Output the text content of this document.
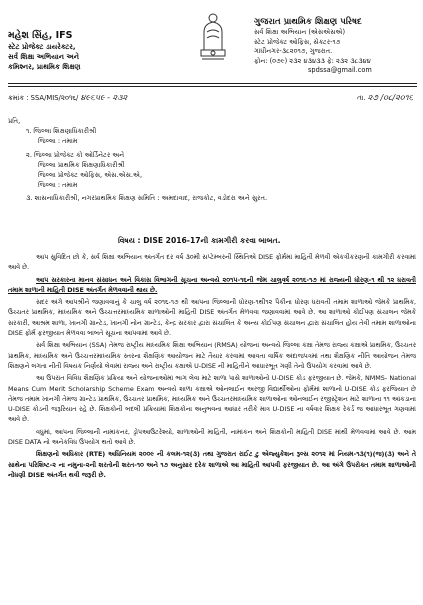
મહેશ સિંહ, IFS
સ્ટેટ પ્રોજેક્ટ ડાયરેક્ટર,
સર્વ શિક્ષા અભિયાન અને
કમિશ્નર, પ્રાથમિક શિક્ષણ
ગુજરાત પ્રાથમિક શિક્ષણ પરિષદ
સર્વ શિક્ષા અભિયાન (એસએસએ)
સ્ટેટ પ્રોજેક્ટ ઓફિસ, સેક્ટર-૧૭
ગાંધીનગર-૩૮૨૦૧૭, ગુજરાત.
ફોન: (૦૭૯) ૨૩૨ ૪૩૪૩૩ ફે: ૨૩૨ ૩૮૩૪૪
spdssa@gmail.com
ક્રમાંક : SSA/MIS/૨૦૧૬/ ૪૯૬૫૯ - ૨૩૨	તા. ૨૭ /૦૮/૨૦૧૬
પ્રતિ,
૧. જિલ્લા શિક્ષણાધિકારીશ્રી
જિલ્લા : તમામ
૨. જિલ્લા પ્રોજેક્ટ કો ઓર્ડિનેટર અને
જિલ્લા પ્રાથમિક શિક્ષણાધિકારીશ્રી
જિલ્લા પ્રોજેક્ટ ઓફિસ, એસ.એસ.એ,
જિલ્લા : તમામ
૩. શાસનાધિકારીશ્રી, નગરપ્રાથમિક શિક્ષણ સમિતિ : અમદાવાદ, રાજકોટ, વડોદરા અને સુરત.
વિષય : DISE 2016-17ની કામગીરી કરવા બાબત.

આપ સુવિદિત છો કે, સર્વ શિક્ષા અભિયાન અંતર્ગત દર વર્ષ ૩૦મી સપ્ટેમ્બરની સ્થિતિએ DISE ફોર્મમાં માહિતી મેળવી એકત્રીકરણની કામગીરી કરવામાં આવે છે.

આપ સરકારના માનવ સંસાધન અને વિકાસ વિભાગની સૂચના અન્વયે ૨૦૧૫-૧૬ની જેમ ચાલુવર્ષ ૨૦૧૬-૧૭ માં રાજ્યની ધોરણ-૧ થી ૧૨ ધરાવતી તમામ શાળાની માહિતી DISE અંતર્ગત મેળવવાની થાય છે.

સદર અંગે આપશ્રીને જણાવવાનું કે ચાલુ વર્ષ ૨૦૧૬-૧૭ થી આપના જિલ્લાની ધોરણ-૧થી૧૨ પૈકીના ધોરણ ધરાવતી તમામ શાળાઓ જેમકે પ્રાથમિક, ઉચ્ચતર પ્રાથમિક, માધ્યમિક અને ઉચ્ચત્તરમાધ્યમિક શાળાઓની માહિતી DISE અંતર્ગત મેળવવા જણાવવામાં આવે છે. આ શાળાઓ કોઈપણ સંચાલન જેમકે સરકારી, આશ્રમ શાળા, ખાનગી ગ્રાન્ટેડ, ખાનગી નોન ગ્રાન્ટેડ, કેન્દ્ર સરકાર દ્વારા સંચાલિત કે અન્ય કોઈપણ સંચાલન દ્વારા સંચાલિત હોય તેવી તમામ શાળાઓના DISE ફોર્મ ફરજીયાત મેળવવા બાબતે સૂચના આપવામાં આવે છે.

સર્વ શિક્ષા અભિયાન (SSA) તેમજ રાષ્ટ્રીય માધ્યમિક શિક્ષા અભિયાન (RMSA) યોજના અન્વયે જિલ્લા કક્ષા તેમજ રાજ્ય કક્ષાએ પ્રાથમિક, ઉચ્ચતર પ્રાથમિક, માધ્યમિક અને ઉચ્ચત્તરમાધ્યમિક સ્તરના શૈક્ષણિક આયોજન માટે તૈયાર કરવામાં આવતા વાર્ષિક અંદાજપત્રમાં તથા શૈક્ષણિક નીતિ આયોજન તેમજ શિક્ષણને લગતા નીતી વિષયક નિર્ણયો લેવામાં રાજ્ય અને રાષ્ટ્રીય કક્ષાએ U-DISE ની માહિતીને આધારભૂત ગણી તેનો ઉપયોગ કરવામાં આવે છે.

આ ઉપરાંત વિવિધ શૈક્ષણિક પ્રક્રિયા અને યોજનાઓમાં ભાગ લેવા માટે શાળા પાસે શાળાઓનો U-DISE કોડ ફરજીયાત છે. જેમકે, NMMS- National Means Cum Merit Scholarship Scheme Exam અન્વયે શાળા કક્ષાએ ઓનલાઈન અરજી વિદ્યાર્થીઓના ફોર્મમાં શાળાનો U-DISE કોડ ફરજિયાત છે તેમજ તમામ ખાનગી તેમજ ગ્રાન્ટેડ પ્રાથમિક, ઉચ્ચતર પ્રાથમિક, માધ્યમિક અને ઉચ્ચતરમાધ્યમિક શાળાઓના ઓનલાઈન રજીસ્ટ્રેશન માટે શાળાના ૧૧ આંકડાના U-DISE કોડની જરૂરિયાત રહે છે. શિક્ષકોની બદલી પ્રક્રિયામાં શિક્ષકોના અનુભવના આધાર તરીકે માત્ર U-DISE ના વર્ષવાર શિક્ષક રેકર્ડ જ આધારભૂત ગણવામાં આવે છે.

વધુમાં, આપના જિલ્લાની નામાંકનર, ડ્રોપઆઉટરેશ્યો, શાળાઓની માહિતી, નામાંકન અને શિક્ષકોની માહિતી DISE માંથી મેળવવામાં આવે છે. આમ DISE DATA નો અનેકવિધ ઉપયોગ થતો આવે છે.

શિક્ષણનો અધિકાર (RTE) અધિનિયમ ૨૦૦૯ ની કલમ-૧૨(૩) તથા ગુજરાત રાઈટ ટુ એજ્યુકેશન રૂલ્સ ૨૦૧૨ માં નિયમ-૧૩(૧)(જ)(૩) અને તે સાથેના પરિશિષ્ટ-૨ ના નમુના-૨ની શરતોની શરત-૧૦ અને ૧૭ અનુસાર દરેક શાળાએ આ માહિતી આપવી ફરજીયાત છે. આ અંગે ઉપરોક્ત તમામ શાળાઓની નોંધણી DISE અંતર્ગત થવી જરૂરી છે.
